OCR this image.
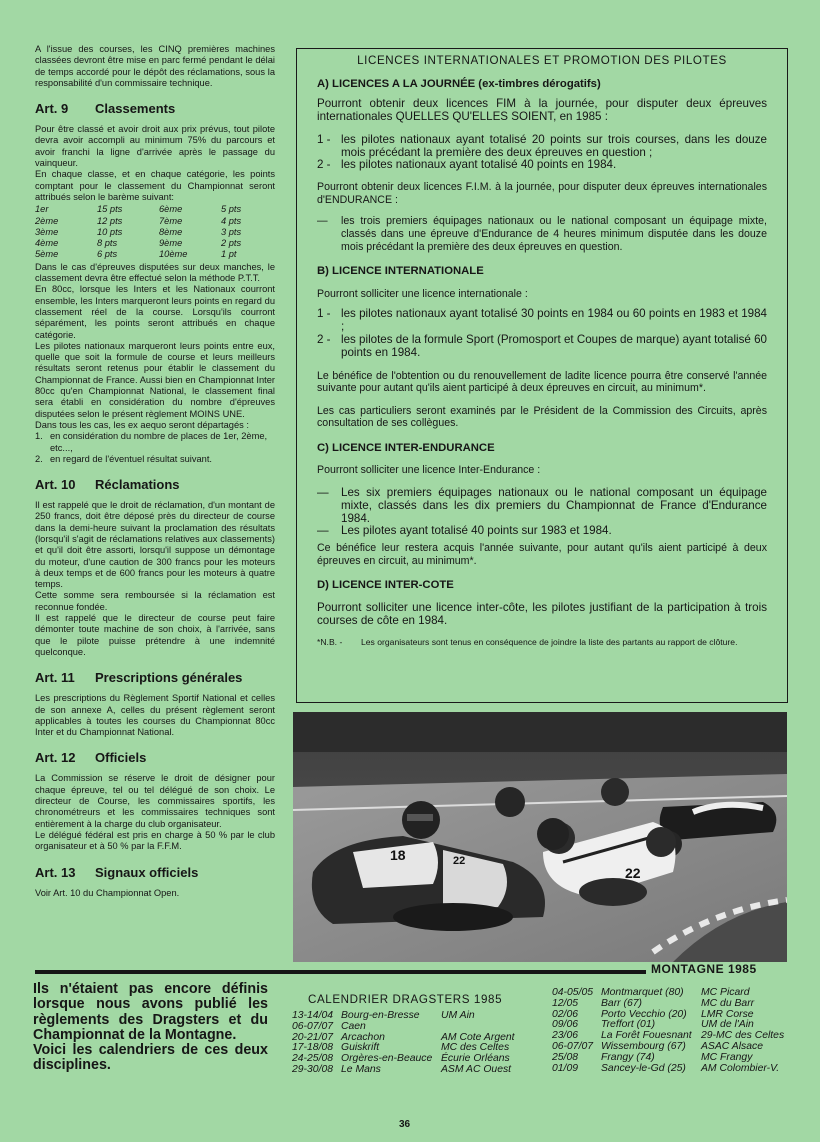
A l'issue des courses, les CINQ premières machines classées devront être mise en parc fermé pendant le délai de temps accordé pour le dépôt des réclamations, sous la responsabilité d'un commissaire technique.

Art. 9 Classements

Pour être classé et avoir droit aux prix prévus, tout pilote devra avoir accompli au minimum 75% du parcours et avoir franchi la ligne d'arrivée après le passage du vainqueur.

En chaque classe, et en chaque catégorie, les points comptant pour le classement du Championnat seront attribués selon le barème suivant:

1er	15 pts	6ème	5 pts
2ème	12 pts	7ème	4 pts
3ème	10 pts	8ème	3 pts
4ème	8 pts	9ème	2 pts
5ème	6 pts	10ème	1 pt

Dans le cas d'épreuves disputées sur deux manches, le classement devra être effectué selon la méthode P.T.T.

En 80cc, lorsque les Inters et les Nationaux courront ensemble, les Inters marqueront leurs points en regard du classement réel de la course. Lorsqu'ils courront séparément, les points seront attribués en chaque catégorie.

Les pilotes nationaux marqueront leurs points entre eux, quelle que soit la formule de course et leurs meilleurs résultats seront retenus pour établir le classement du Championnat de France. Aussi bien en Championnat Inter 80cc qu'en Championnat National, le classement final sera établi en considération du nombre d'épreuves disputées selon le présent règlement MOINS UNE.

Dans tous les cas, les ex aequo seront départagés :

1. en considération du nombre de places de 1er, 2ème, etc...,
2. en regard de l'éventuel résultat suivant.
Art. 10 Réclamations

Il est rappelé que le droit de réclamation, d'un montant de 250 francs, doit être déposé près du directeur de course dans la demi-heure suivant la proclamation des résultats (lorsqu'il s'agit de réclamations relatives aux classements) et qu'il doit être assorti, lorsqu'il suppose un démontage du moteur, d'une caution de 300 francs pour les moteurs à deux temps et de 600 francs pour les moteurs à quatre temps.

Cette somme sera remboursée si la réclamation est reconnue fondée.

Il est rappelé que le directeur de course peut faire démonter toute machine de son choix, à l'arrivée, sans que le pilote puisse prétendre à une indemnité quelconque.

Art. 11 Prescriptions générales

Les prescriptions du Règlement Sportif National et celles de son annexe A, celles du présent règlement seront applicables à toutes les courses du Championnat 80cc Inter et du Championnat National.

Art. 12 Officiels

La Commission se réserve le droit de désigner pour chaque épreuve, tel ou tel délégué de son choix. Le directeur de Course, les commissaires sportifs, les chronométreurs et les commissaires techniques sont entièrement à la charge du club organisateur.

Le délégué fédéral est pris en charge à 50 % par le club organisateur et à 50 % par la F.F.M.

Art. 13 Signaux officiels

Voir Art. 10 du Championnat Open.

LICENCES INTERNATIONALES ET PROMOTION DES PILOTES
A) LICENCES A LA JOURNÉE (ex-timbres dérogatifs)

Pourront obtenir deux licences FIM à la journée, pour disputer deux épreuves internationales QUELLES QU'ELLES SOIENT, en 1985 :

1 - les pilotes nationaux ayant totalisé 20 points sur trois courses, dans les douze mois précédant la première des deux épreuves en question ;
2 - les pilotes nationaux ayant totalisé 40 points en 1984.

Pourront obtenir deux licences F.I.M. à la journée, pour disputer deux épreuves internationales d'ENDURANCE :

—	les trois premiers équipages nationaux ou le national composant un équipage mixte, classés dans une épreuve d'Endurance de 4 heures minimum disputée dans les douze mois précédant la première des deux épreuves en question.
B) LICENCE INTERNATIONALE

Pourront solliciter une licence internationale :

1 - les pilotes nationaux ayant totalisé 30 points en 1984 ou 60 points en 1983 et 1984 ;
2 - les pilotes de la formule Sport (Promosport et Coupes de marque) ayant totalisé 60 points en 1984.

Le bénéfice de l'obtention ou du renouvellement de ladite licence pourra être conservé l'année suivante pour autant qu'ils aient participé à deux épreuves en circuit, au minimum*.

Les cas particuliers seront examinés par le Président de la Commission des Circuits, après consultation de ses collègues.

C) LICENCE INTER-ENDURANCE

Pourront solliciter une licence Inter-Endurance :

—	Les six premiers équipages nationaux ou le national composant un équipage mixte, classés dans les dix premiers du Championnat de France d'Endurance 1984.
—	Les pilotes ayant totalisé 40 points sur 1983 et 1984.

Ce bénéfice leur restera acquis l'année suivante, pour autant qu'ils aient participé à deux épreuves en circuit, au minimum*.

D) LICENCE INTER-COTE

Pourront solliciter une licence inter-côte, les pilotes justifiant de la participation à trois courses de côte en 1984.

*N.B. -	Les organisateurs sont tenus en conséquence de joindre la liste des partants au rapport de clôture.
18	22
22
MONTAGNE 1985

Ils n'étaient pas encore définis lorsque nous avons publié les règlements des Dragsters et du Championnat de la Montagne.

Voici les calendriers de ces deux disciplines.

CALENDRIER DRAGSTERS 1985
13-14/04	Bourg-en-Bresse	UM Ain
06-07/07	Caen	
20-21/07	Arcachon	AM Cote Argent
17-18/08	Guiskrift	MC des Celtes
24-25/08	Orgères-en-Beauce	Écurie Orléans
29-30/08	Le Mans	ASM AC Ouest
04-05/05	Montmarquet (80)	MC Picard
12/05	Barr (67)	MC du Barr
02/06	Porto Vecchio (20)	LMR Corse
09/06	Treffort (01)	UM de l'Ain
23/06	La Forêt Fouesnant	29-MC des Celtes
06-07/07	Wissembourg (67)	ASAC Alsace
25/08	Frangy (74)	MC Frangy
01/09	Sancey-le-Gd (25)	AM Colombier-V.
36
